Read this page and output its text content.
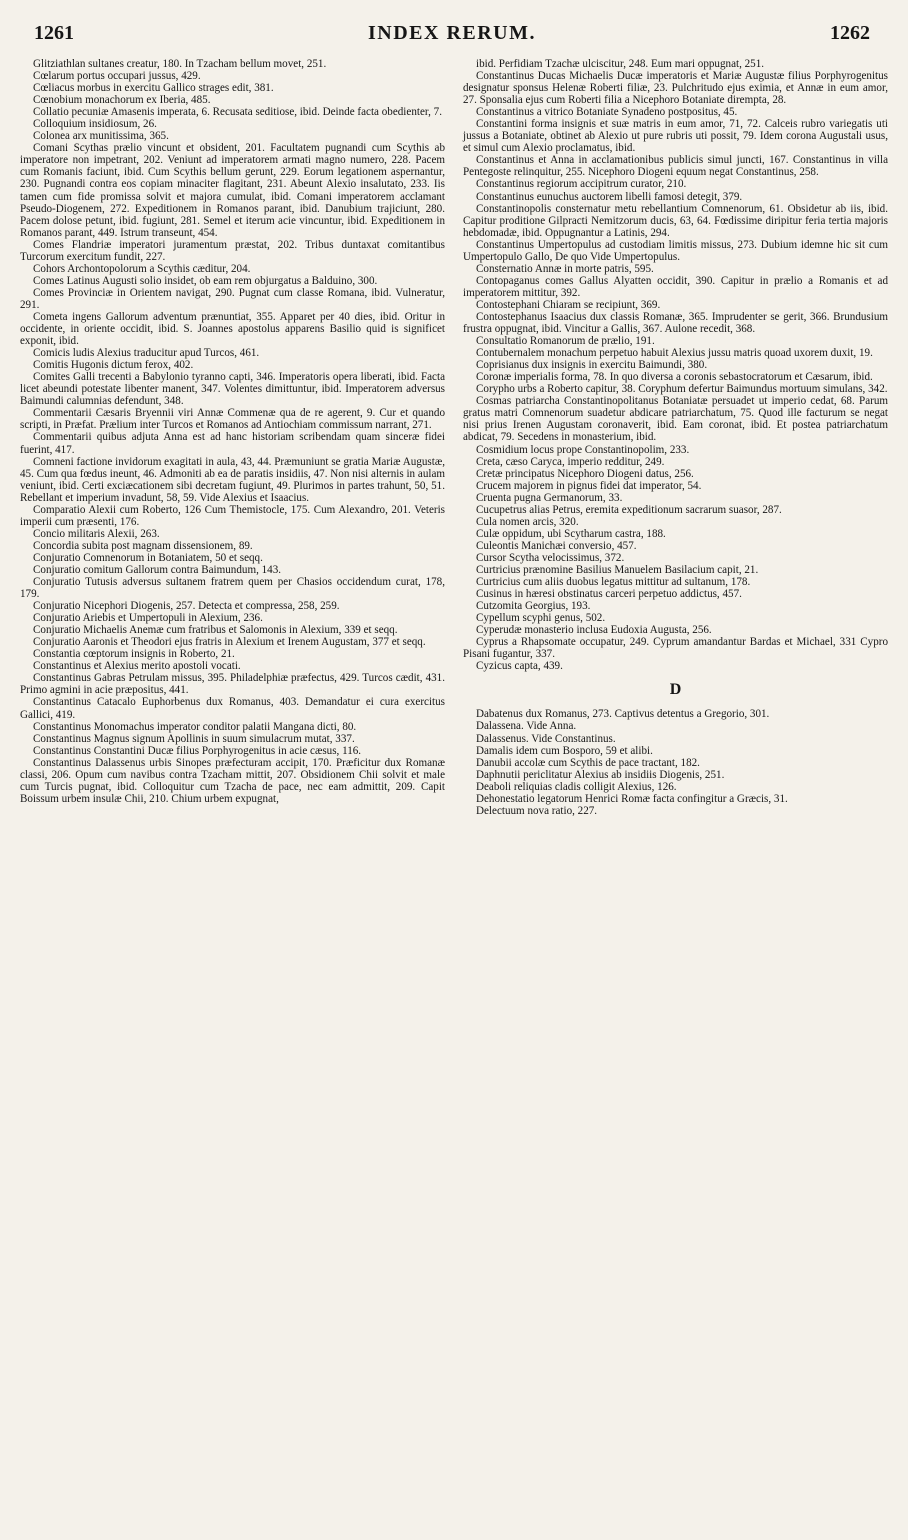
1261	INDEX RERUM.	1262

Glitziathlan sultanes creatur, 180. In Tzacham bellum movet, 251.

Cœlarum portus occupari jussus, 429.

Cœliacus morbus in exercitu Gallico strages edit, 381.

Cœnobium monachorum ex Iberia, 485.

Collatio pecuniæ Amasenis imperata, 6. Recusata seditiose, ibid. Deinde facta obedienter, 7.

Colloquium insidiosum, 26.

Colonea arx munitissima, 365.

Comani Scythas prælio vincunt et obsident, 201. Facultatem pugnandi cum Scythis ab imperatore non impetrant, 202. Veniunt ad imperatorem armati magno numero, 228. Pacem cum Romanis faciunt, ibid. Cum Scythis bellum gerunt, 229. Eorum legationem aspernantur, 230. Pugnandi contra eos copiam minaciter flagitant, 231. Abeunt Alexio insalutato, 233. Iis tamen cum fide promissa solvit et majora cumulat, ibid. Comani imperatorem acclamant Pseudo-Diogenem, 272. Expeditionem in Romanos parant, ibid. Danubium trajiciunt, 280. Pacem dolose petunt, ibid. fugiunt, 281. Semel et iterum acie vincuntur, ibid. Expeditionem in Romanos parant, 449. Istrum transeunt, 454.

Comes Flandriæ imperatori juramentum præstat, 202. Tribus duntaxat comitantibus Turcorum exercitum fundit, 227.

Cohors Archontopolorum a Scythis cæditur, 204.

Comes Latinus Augusti solio insidet, ob eam rem objurgatus a Balduino, 300.

Comes Provinciæ in Orientem navigat, 290. Pugnat cum classe Romana, ibid. Vulneratur, 291.

Cometa ingens Gallorum adventum prænuntiat, 355. Apparet per 40 dies, ibid. Oritur in occidente, in oriente occidit, ibid. S. Joannes apostolus apparens Basilio quid is significet exponit, ibid.

Comicis ludis Alexius traducitur apud Turcos, 461.

Comitis Hugonis dictum ferox, 402.

Comites Galli trecenti a Babylonio tyranno capti, 346. Imperatoris opera liberati, ibid. Facta licet abeundi potestate libenter manent, 347. Volentes dimittuntur, ibid. Imperatorem adversus Baimundi calumnias defendunt, 348.

Commentarii Cæsaris Bryennii viri Annæ Commenæ qua de re agerent, 9. Cur et quando scripti, in Præfat. Prælium inter Turcos et Romanos ad Antiochiam commissum narrant, 271.

Commentarii quibus adjuta Anna est ad hanc historiam scribendam quam sinceræ fidei fuerint, 417.

Comneni factione invidorum exagitati in aula, 43, 44. Præmuniunt se gratia Mariæ Augustæ, 45. Cum qua fœdus ineunt, 46. Admoniti ab ea de paratis insidiis, 47. Non nisi alternis in aulam veniunt, ibid. Certi exciæcationem sibi decretam fugiunt, 49. Plurimos in partes trahunt, 50, 51. Rebellant et imperium invadunt, 58, 59. Vide Alexius et Isaacius.

Comparatio Alexii cum Roberto, 126 Cum Themistocle, 175. Cum Alexandro, 201. Veteris imperii cum præsenti, 176.

Concio militaris Alexii, 263.

Concordia subita post magnam dissensionem, 89.

Conjuratio Comnenorum in Botaniatem, 50 et seqq.

Conjuratio comitum Gallorum contra Baimundum, 143.

Conjuratio Tutusis adversus sultanem fratrem quem per Chasios occidendum curat, 178, 179.

Conjuratio Nicephori Diogenis, 257. Detecta et compressa, 258, 259.

Conjuratio Ariebis et Umpertopuli in Alexium, 236.

Conjuratio Michaelis Anemæ cum fratribus et Salomonis in Alexium, 339 et seqq.

Conjuratio Aaronis et Theodori ejus fratris in Alexium et Irenem Augustam, 377 et seqq.

Constantia cœptorum insignis in Roberto, 21.

Constantinus et Alexius merito apostoli vocati.

Constantinus Gabras Petrulam missus, 395. Philadelphiæ præfectus, 429. Turcos cædit, 431. Primo agmini in acie præpositus, 441.

Constantinus Catacalo Euphorbenus dux Romanus, 403. Demandatur ei cura exercitus Gallici, 419.

Constantinus Monomachus imperator conditor palatii Mangana dicti, 80.

Constantinus Magnus signum Apollinis in suum simulacrum mutat, 337.

Constantinus Constantini Ducæ filius Porphyrogenitus in acie cæsus, 116.

Constantinus Dalassenus urbis Sinopes præfecturam accipit, 170. Præficitur dux Romanæ classi, 206. Opum cum navibus contra Tzacham mittit, 207. Obsidionem Chii solvit et male cum Turcis pugnat, ibid. Colloquitur cum Tzacha de pace, nec eam admittit, 209. Capit Boissum urbem insulæ Chii, 210. Chium urbem expugnat,

ibid. Perfidiam Tzachæ ulciscitur, 248. Eum mari oppugnat, 251.

Constantinus Ducas Michaelis Ducæ imperatoris et Mariæ Augustæ filius Porphyrogenitus designatur sponsus Helenæ Roberti filiæ, 23. Pulchritudo ejus eximia, et Annæ in eum amor, 27. Sponsalia ejus cum Roberti filia a Nicephoro Botaniate dirempta, 28.

Constantinus a vitrico Botaniate Synadeno postpositus, 45.

Constantini forma insignis et suæ matris in eum amor, 71, 72. Calceis rubro variegatis uti jussus a Botaniate, obtinet ab Alexio ut pure rubris uti possit, 79. Idem corona Augustali usus, et simul cum Alexio proclamatus, ibid.

Constantinus et Anna in acclamationibus publicis simul juncti, 167. Constantinus in villa Pentegoste relinquitur, 255. Nicephoro Diogeni equum negat Constantinus, 258.

Constantinus regiorum accipitrum curator, 210.

Constantinus eunuchus auctorem libelli famosi detegit, 379.

Constantinopolis consternatur metu rebellantium Comnenorum, 61. Obsidetur ab iis, ibid. Capitur proditione Gilpracti Nemitzorum ducis, 63, 64. Fœdissime diripitur feria tertia majoris hebdomadæ, ibid. Oppugnantur a Latinis, 294.

Constantinus Umpertopulus ad custodiam limitis missus, 273. Dubium idemne hic sit cum Umpertopulo Gallo, De quo Vide Umpertopulus.

Consternatio Annæ in morte patris, 595.

Contopaganus comes Gallus Alyatten occidit, 390. Capitur in prælio a Romanis et ad imperatorem mittitur, 392.

Contostephani Chiaram se recipiunt, 369.

Contostephanus Isaacius dux classis Romanæ, 365. Imprudenter se gerit, 366. Brundusium frustra oppugnat, ibid. Vincitur a Gallis, 367. Aulone recedit, 368.

Consultatio Romanorum de prælio, 191.

Contubernalem monachum perpetuo habuit Alexius jussu matris quoad uxorem duxit, 19.

Coprisianus dux insignis in exercitu Baimundi, 380.

Coronæ imperialis forma, 78. In quo diversa a coronis sebastocratorum et Cæsarum, ibid.

Corypho urbs a Roberto capitur, 38. Coryphum defertur Baimundus mortuum simulans, 342.

Cosmas patriarcha Constantinopolitanus Botaniatæ persuadet ut imperio cedat, 68. Parum gratus matri Comnenorum suadetur abdicare patriarchatum, 75. Quod ille facturum se negat nisi prius Irenen Augustam coronaverit, ibid. Eam coronat, ibid. Et postea patriarchatum abdicat, 79. Secedens in monasterium, ibid.

Cosmidium locus prope Constantinopolim, 233.

Creta, cæso Caryca, imperio redditur, 249.

Cretæ principatus Nicephoro Diogeni datus, 256.

Crucem majorem in pignus fidei dat imperator, 54.

Cruenta pugna Germanorum, 33.

Cucupetrus alias Petrus, eremita expeditionum sacrarum suasor, 287.

Cula nomen arcis, 320.

Culæ oppidum, ubi Scytharum castra, 188.

Culeontis Manichæi conversio, 457.

Cursor Scytha velocissimus, 372.

Curtricius prænomine Basilius Manuelem Basilacium capit, 21.

Curtricius cum aliis duobus legatus mittitur ad sultanum, 178.

Cusinus in hæresi obstinatus carceri perpetuo addictus, 457.

Cutzomita Georgius, 193.

Cypellum scyphi genus, 502.

Cyperudæ monasterio inclusa Eudoxia Augusta, 256.

Cyprus a Rhapsomate occupatur, 249. Cyprum amandantur Bardas et Michael, 331 Cypro Pisani fugantur, 337.

Cyzicus capta, 439.

D

Dabatenus dux Romanus, 273. Captivus detentus a Gregorio, 301.

Dalassena. Vide Anna.

Dalassenus. Vide Constantinus.

Damalis idem cum Bosporo, 59 et alibi.

Danubii accolæ cum Scythis de pace tractant, 182.

Daphnutii periclitatur Alexius ab insidiis Diogenis, 251.

Deaboli reliquias cladis colligit Alexius, 126.

Dehonestatio legatorum Henrici Romæ facta confingitur a Græcis, 31.

Delectuum nova ratio, 227.
